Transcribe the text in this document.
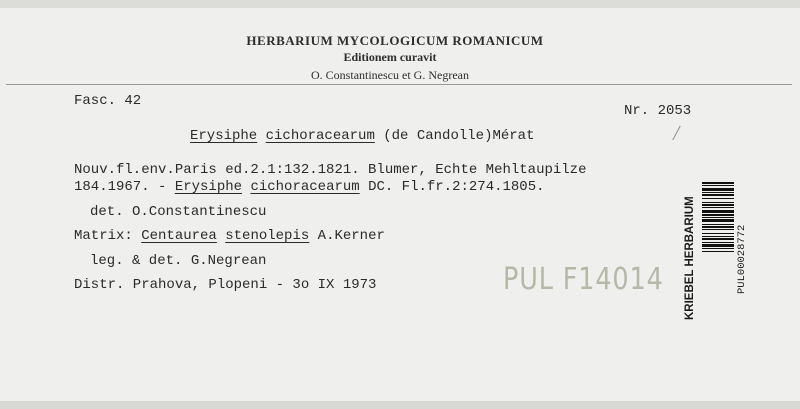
HERBARIUM MYCOLOGICUM ROMANICUM
Editionem curavit
O. Constantinescu et G. Negrean
Fasc. 42
Nr. 2053
Erysiphe cichoracearum (de Candolle)Mérat
Nouv.fl.env.Paris ed.2.1:132.1821. Blumer, Echte Mehltaupilze
184.1967. - Erysiphe cichoracearum DC. Fl.fr.2:274.1805.
det. O.Constantinescu
Matrix: Centaurea stenolepis A.Kerner
leg. & det. G.Negrean
Distr. Prahova, Plopeni - 3o IX 1973	PUL F14014 KRIEBEL HERBARIUM	PUL00028772
